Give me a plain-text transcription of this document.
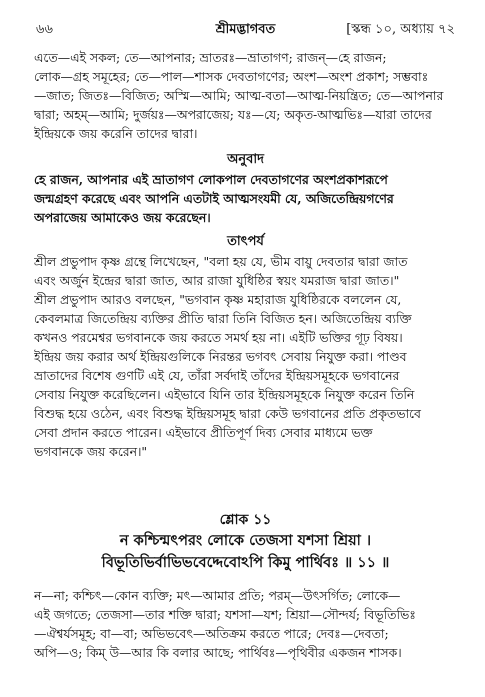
৬৬	শ্রীমদ্ভাগবত	[স্কন্ধ ১০, অধ্যায় ৭২
এতে—এই সকল; তে—আপনার; ভ্রাতরঃ—ভ্রাতাগণ; রাজন্—হে রাজন;
লোক—গ্রহ সমূহের; তে—পাল—শাসক দেবতাগণের; অংশ—অংশ প্রকাশ; সম্ভবাঃ
—জাত; জিতঃ—বিজিত; অস্মি—আমি; আত্ম-বতা—আত্ম-নিয়ন্ত্রিত; তে—আপনার
দ্বারা; অহম্—আমি; দুর্জয়ঃ—অপরাজেয়; যঃ—যে; অকৃত-আত্মভিঃ—যারা তাদের
ইন্দ্রিয়কে জয় করেনি তাদের দ্বারা।
অনুবাদ
হে রাজন, আপনার এই ভ্রাতাগণ লোকপাল দেবতাগণের অংশপ্রকাশরূপে
জন্মগ্রহণ করেছে এবং আপনি এতটাই আত্মসংযমী যে, অজিতেন্দ্রিয়গণের
অপরাজেয় আমাকেও জয় করেছেন।
তাৎপর্য
শ্রীল প্রভুপাদ কৃষ্ণ গ্রন্থে লিখেছেন, "বলা হয় যে, ভীম বায়ু দেবতার দ্বারা জাত
এবং অর্জুন ইন্দ্রের দ্বারা জাত, আর রাজা যুধিষ্ঠির স্বয়ং যমরাজ দ্বারা জাত।"
শ্রীল প্রভুপাদ আরও বলছেন, "ভগবান কৃষ্ণ মহারাজ যুধিষ্ঠিরকে বললেন যে,
কেবলমাত্র জিতেন্দ্রিয় ব্যক্তির প্রীতি দ্বারা তিনি বিজিত হন। অজিতেন্দ্রিয় ব্যক্তি
কখনও পরমেশ্বর ভগবানকে জয় করতে সমর্থ হয় না। এইটি ভক্তির গূঢ় বিষয়।
ইন্দ্রিয় জয় করার অর্থ ইন্দ্রিয়গুলিকে নিরন্তর ভগবৎ সেবায় নিযুক্ত করা। পাণ্ডব
ভ্রাতাদের বিশেষ গুণটি এই যে, তাঁরা সর্বদাই তাঁদের ইন্দ্রিয়সমূহকে ভগবানের
সেবায় নিযুক্ত করেছিলেন। এইভাবে যিনি তার ইন্দ্রিয়সমূহকে নিযুক্ত করেন তিনি
বিশুদ্ধ হয়ে ওঠেন, এবং বিশুদ্ধ ইন্দ্রিয়সমূহ দ্বারা কেউ ভগবানের প্রতি প্রকৃতভাবে
সেবা প্রদান করতে পারেন। এইভাবে প্রীতিপূর্ণ দিব্য সেবার মাধ্যমে ভক্ত
ভগবানকে জয় করেন।"
শ্লোক ১১
ন কশ্চিন্মৎপরং লোকে তেজসা যশসা শ্রিয়া ।
বিভূতিভির্বাভিভবেদ্দেবোঽপি কিমু পার্থিবঃ ॥ ১১ ॥
ন—না; কশ্চিৎ—কোন ব্যক্তি; মৎ—আমার প্রতি; পরম্—উৎসর্গিত; লোকে—
এই জগতে; তেজসা—তার শক্তি দ্বারা; যশসা—যশ; শ্রিয়া—সৌন্দর্য; বিভূতিভিঃ
—ঐশ্বর্যসমূহ; বা—বা; অভিভবেৎ—অতিক্রম করতে পারে; দেবঃ—দেবতা;
অপি—ও; কিম্ উ—আর কি বলার আছে; পার্থিবঃ—পৃথিবীর একজন শাসক।
